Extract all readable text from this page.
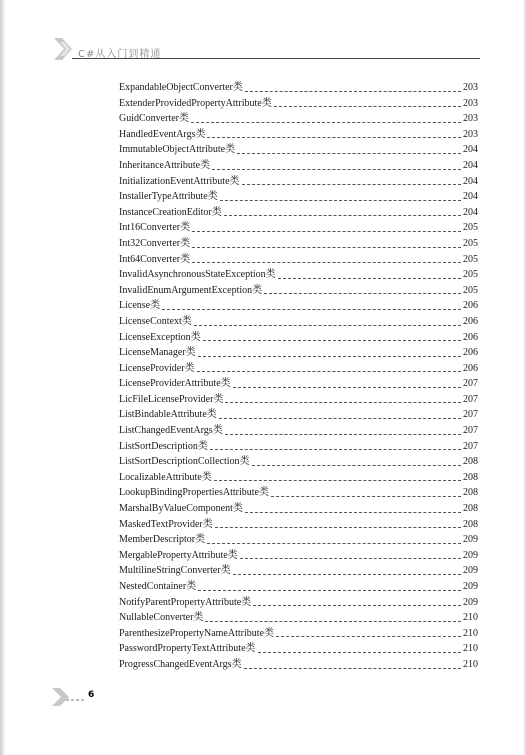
C#从入门到精通
ExpandableObjectConverter类	203
ExtenderProvidedPropertyAttribute类	203
GuidConverter类	203
HandledEventArgs类	203
ImmutableObjectAttribute类	204
InheritanceAttribute类	204
InitializationEventAttribute类	204
InstallerTypeAttribute类	204
InstanceCreationEditor类	204
Int16Converter类	205
Int32Converter类	205
Int64Converter类	205
InvalidAsynchronousStateException类	205
InvalidEnumArgumentException类	205
License类	206
LicenseContext类	206
LicenseException类	206
LicenseManager类	206
LicenseProvider类	206
LicenseProviderAttribute类	207
LicFileLicenseProvider类	207
ListBindableAttribute类	207
ListChangedEventArgs类	207
ListSortDescription类	207
ListSortDescriptionCollection类	208
LocalizableAttribute类	208
LookupBindingPropertiesAttribute类	208
MarshalByValueComponent类	208
MaskedTextProvider类	208
MemberDescriptor类	209
MergablePropertyAttribute类	209
MultilineStringConverter类	209
NestedContainer类	209
NotifyParentPropertyAttribute类	209
NullableConverter类	210
ParenthesizePropertyNameAttribute类	210
PasswordPropertyTextAttribute类	210
ProgressChangedEventArgs类	210
6
